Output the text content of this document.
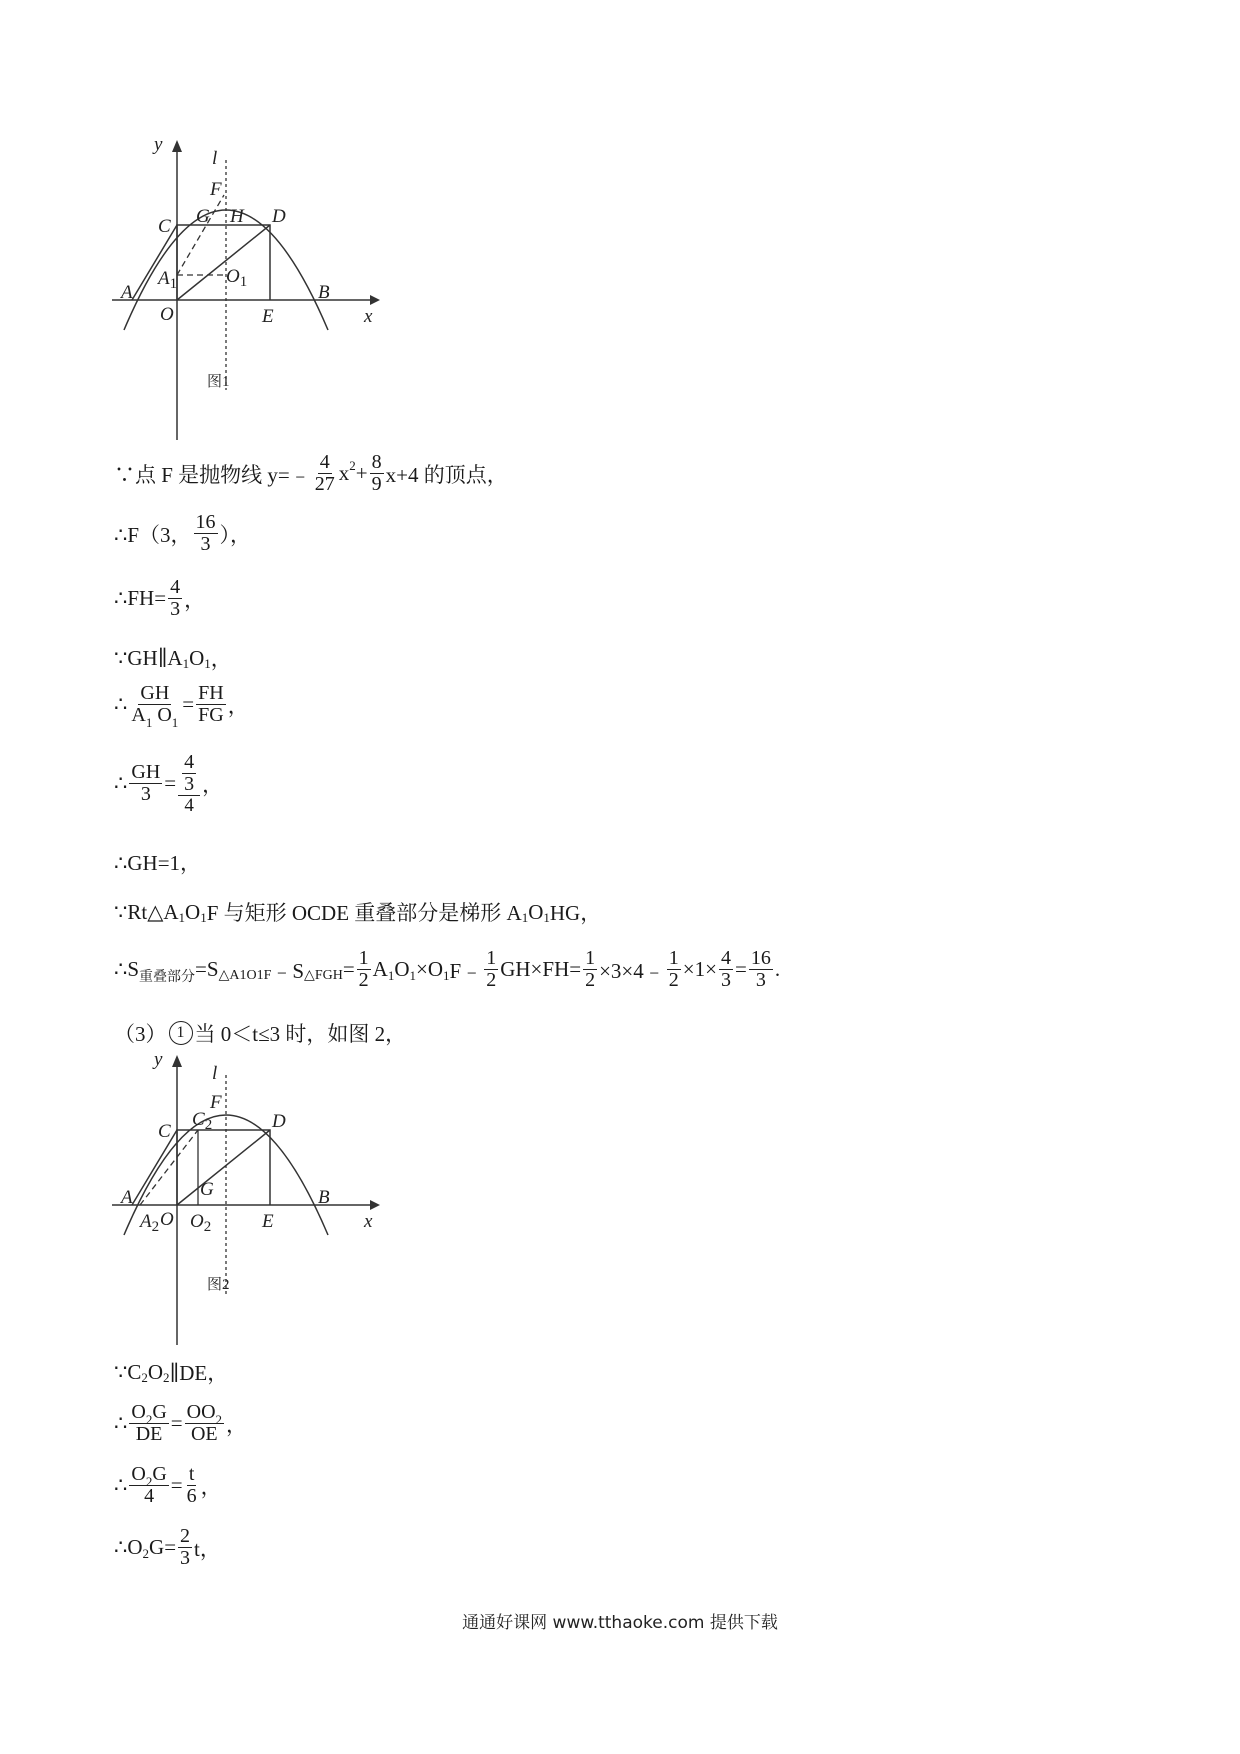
y
l
F
C G H D
$A_1$	$O_1$
A
O	E
B
x
图1
∵点 F 是抛物线 y=﹣
4
27 x $2 + \frac{8}{9} x+4$ 的顶点，
∴F（3，
16
3 ），
∴FH= $\frac{4}{3}$ ，
∵GH∥A 1 O 1 ，
∴ $\frac{GH}{A_1 O_1} = \frac{FH}{FG}$ ，
∴ $\frac{GH}{3} = \frac{\frac{4}{3}}{4}$ ，
∴GH=1，
∵Rt△A 1 O 1 F 与矩形 OCDE 重叠部分是梯形 A 1 O 1 HG，
∴S 重叠部分 =S △A1O1F ﹣S △FGH = $\frac{1}{2}$ A 1 O 1 ×O 1 F﹣
1
2 $GH\times FH= \frac{1}{2}$ ×3×4﹣ $\frac{1}{2} \times 1\times \frac{4}{3} = \frac{16}{3}$ .
（3） 1 当 0＜t≤3 时，如图 2，
y
l
F
C
$C_2$	D
A	G	B
$A_2$ O $O_2$	E	x
图2
∵C 2 O 2 ∥DE，
∴ $\frac{O_2G}{DE} = \frac{OO_2}{OE}$ ，
∴ $\frac{O_2G}{4} = \frac{t}{6}$ ，
∴O 2 $G= \frac{2}{3}$ t，
通通好课网 www.tthaoke.com 提供下载
